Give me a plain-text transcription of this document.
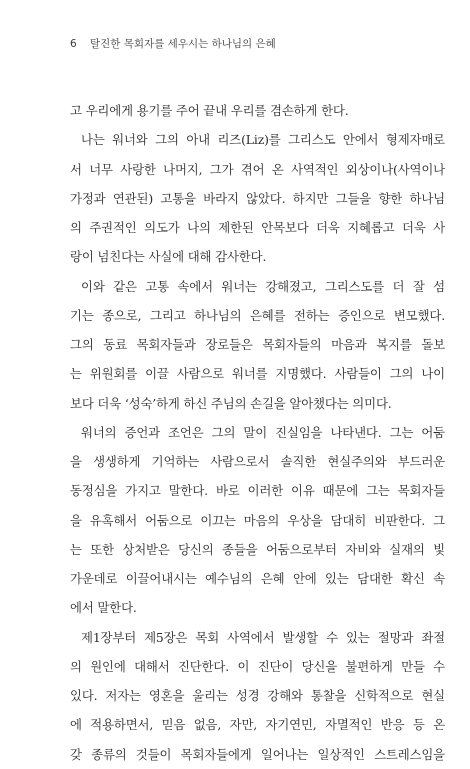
6 탈진한 목회자를 세우시는 하나님의 은혜
고 우리에게 용기를 주어 끝내 우리를 겸손하게 한다.
나는 워너와 그의 아내 리즈(Liz)를 그리스도 안에서 형제자매로
서 너무 사랑한 나머지, 그가 겪어 온 사역적인 외상이나(사역이나
가정과 연관된) 고통을 바라지 않았다. 하지만 그들을 향한 하나님
의 주권적인 의도가 나의 제한된 안목보다 더욱 지혜롭고 더욱 사
랑이 넘친다는 사실에 대해 감사한다.
이와 같은 고통 속에서 워너는 강해졌고, 그리스도를 더 잘 섬
기는 종으로, 그리고 하나님의 은혜를 전하는 증인으로 변모했다.
그의 동료 목회자들과 장로들은 목회자들의 마음과 복지를 돌보
는 위원회를 이끌 사람으로 워너를 지명했다. 사람들이 그의 나이
보다 더욱 ‘성숙’하게 하신 주님의 손길을 알아챘다는 의미다.
워너의 증언과 조언은 그의 말이 진실임을 나타낸다. 그는 어둠
을 생생하게 기억하는 사람으로서 솔직한 현실주의와 부드러운
동정심을 가지고 말한다. 바로 이러한 이유 때문에 그는 목회자들
을 유혹해서 어둠으로 이끄는 마음의 우상을 담대히 비판한다. 그
는 또한 상처받은 당신의 종들을 어둠으로부터 자비와 실재의 빛
가운데로 이끌어내시는 예수님의 은혜 안에 있는 담대한 확신 속
에서 말한다.
제1장부터 제5장은 목회 사역에서 발생할 수 있는 절망과 좌절
의 원인에 대해서 진단한다. 이 진단이 당신을 불편하게 만들 수
있다. 저자는 영혼을 울리는 성경 강해와 통찰을 신학적으로 현실
에 적용하면서, 믿음 없음, 자만, 자기연민, 자멸적인 반응 등 온
갖 종류의 것들이 목회자들에게 일어나는 일상적인 스트레스임을
